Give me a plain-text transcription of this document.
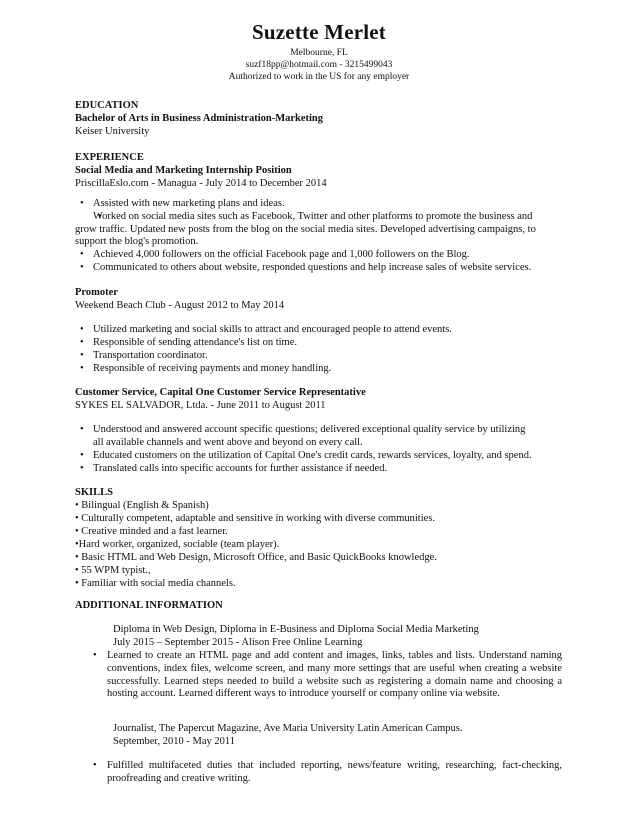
Suzette Merlet
Melbourne, FL
suzf18pp@hotmail.com - 3215499043
Authorized to work in the US for any employer
EDUCATION
Bachelor of Arts in Business Administration-Marketing
Keiser University
EXPERIENCE
Social Media and Marketing Internship Position
PriscillaEslo.com - Managua - July 2014 to December 2014
• Assisted with new marketing plans and ideas.
• Worked on social media sites such as Facebook, Twitter and other platforms to promote the business and grow traffic. Updated new posts from the blog on the social media sites. Developed advertising campaigns, to support the blog's promotion.
• Achieved 4,000 followers on the official Facebook page and 1,000 followers on the Blog.
• Communicated to others about website, responded questions and help increase sales of website services.
Promoter
Weekend Beach Club - August 2012 to May 2014
• Utilized marketing and social skills to attract and encouraged people to attend events.
• Responsible of sending attendance's list on time.
• Transportation coordinator.
• Responsible of receiving payments and money handling.
Customer Service, Capital One Customer Service Representative
SYKES EL SALVADOR, Ltda. - June 2011 to August 2011
• Understood and answered account specific questions; delivered exceptional quality service by utilizing all available channels and went above and beyond on every call.
• Educated customers on the utilization of Capital One's credit cards, rewards services, loyalty, and spend.
• Translated calls into specific accounts for further assistance if needed.
SKILLS
• Bilingual (English & Spanish)
• Culturally competent, adaptable and sensitive in working with diverse communities.
• Creative minded and a fast learner.
•Hard worker, organized, sociable (team player).
• Basic HTML and Web Design, Microsoft Office, and Basic QuickBooks knowledge.
• 55 WPM typist.,
• Familiar with social media channels.
ADDITIONAL INFORMATION
Diploma in Web Design, Diploma in E-Business and Diploma Social Media Marketing
July 2015 – September 2015 - Alison Free Online Learning
• Learned to create an HTML page and add content and images, links, tables and lists. Understand naming conventions, index files, welcome screen, and many more settings that are useful when creating a website successfully. Learned steps needed to build a website such as registering a domain name and choosing a hosting account. Learned different ways to introduce yourself or company online via website.
Journalist, The Papercut Magazine, Ave Maria University Latin American Campus.
September, 2010 - May 2011
• Fulfilled multifaceted duties that included reporting, news/feature writing, researching, fact-checking, proofreading and creative writing.
